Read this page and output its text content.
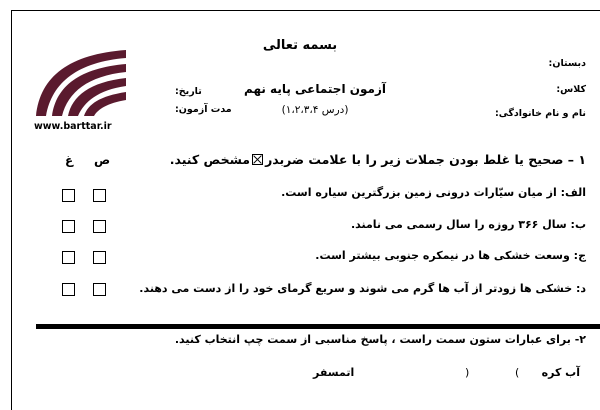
بسمه تعالی
دبستان:
کلاس:
نام و نام خانوادگی:
آزمون اجتماعی پایه نهم
(درس ۱،۲،۳،۴)
تاریخ:
مدت آزمون:
www.barttar.ir
۱ – صحیح یا غلط بودن جملات زیر را با علامت ضربدرمشخص کنید.
ص
غ
الف: از میان سیّارات درونی زمین بزرگترین سیاره است.
ب: سال ۳۶۶ روزه را سال رسمی می نامند.
ج: وسعت خشکی ها در نیمکره جنوبی بیشتر است.
د: خشکی ها زودتر از آب ها گرم می شوند و سریع گرمای خود را از دست می دهند.
۲- برای عبارات ستون سمت راست ، پاسخ مناسبی از سمت چپ انتخاب کنید.
آب کره
(
)
اتمسفر
